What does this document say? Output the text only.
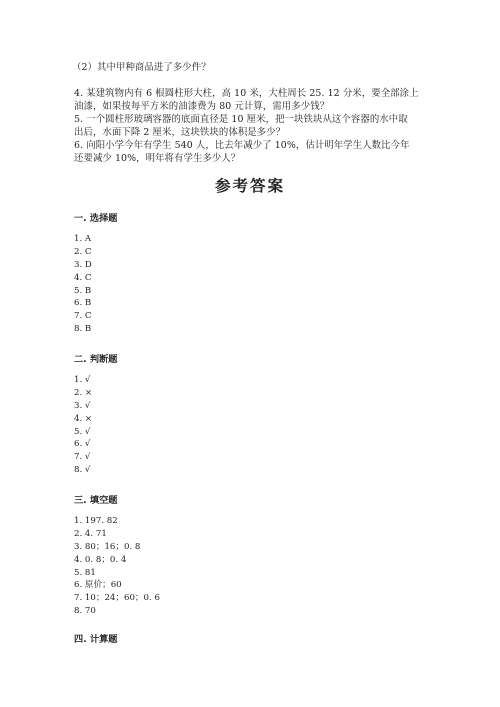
（2）其中甲种商品进了多少件？
4. 某建筑物内有 6 根圆柱形大柱，高 10 米，大柱周长 25. 12 分米，要全部涂上
油漆，如果按每平方米的油漆费为 80 元计算，需用多少钱？
5. 一个圆柱形玻璃容器的底面直径是 10 厘米，把一块铁块从这个容器的水中取
出后，水面下降 2 厘米，这块铁块的体积是多少？
6. 向阳小学今年有学生 540 人，比去年减少了 10%，估计明年学生人数比今年
还要减少 10%，明年将有学生多少人？
参考答案
一. 选择题
1. A
2. C
3. D
4. C
5. B
6. B
7. C
8. B
二. 判断题
1. √
2. ×
3. √
4. ×
5. √
6. √
7. √
8. √
三. 填空题
1. 197. 82
2. 4. 71
3. 80；16；0. 8
4. 0. 8；0. 4
5. 81
6. 原价；60
7. 10；24；60；0. 6
8. 70
四. 计算题
